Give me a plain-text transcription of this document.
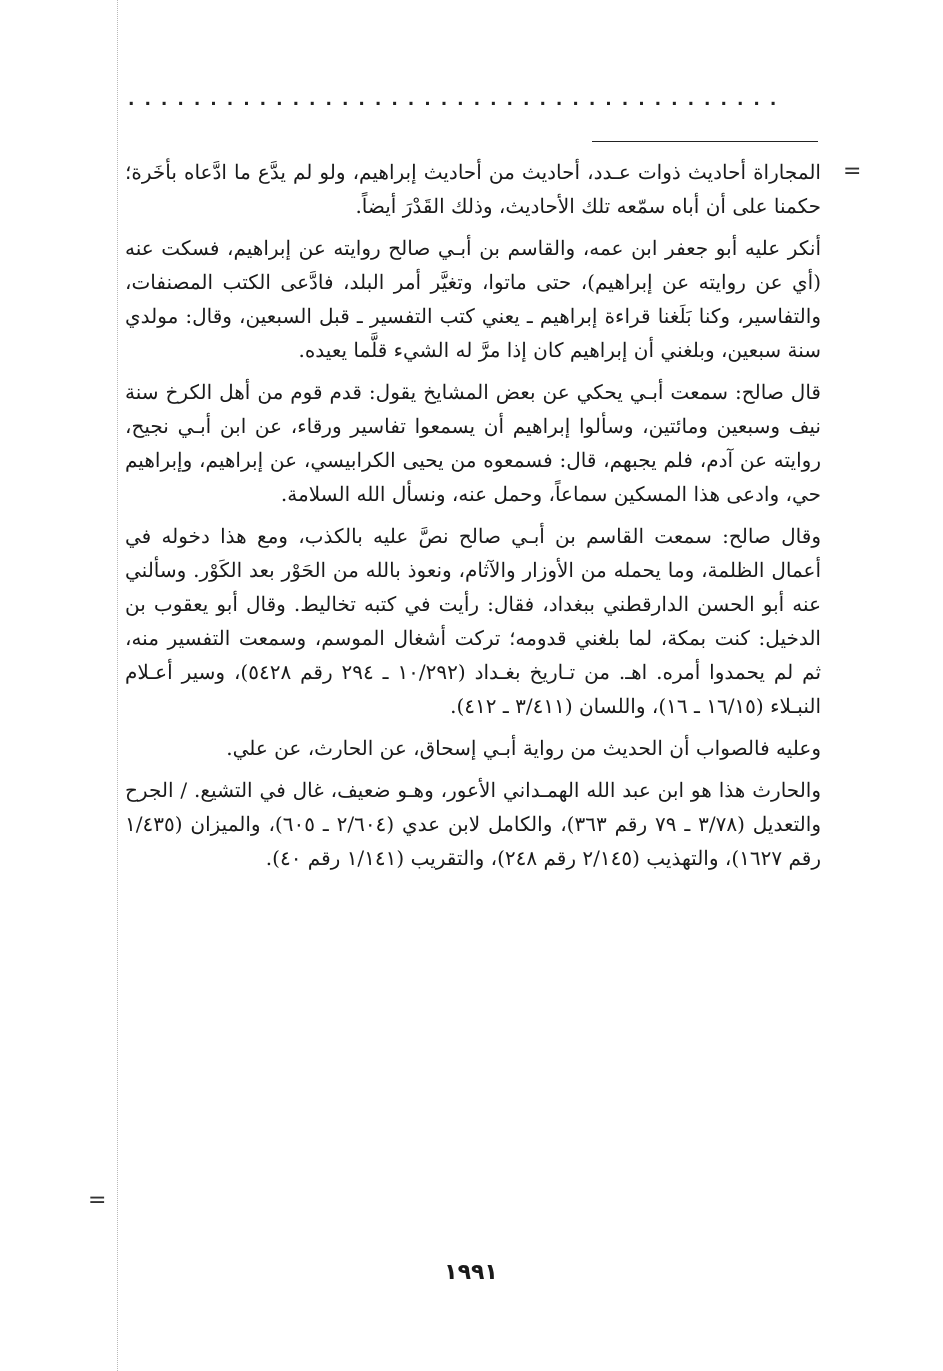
........................................
=

المجاراة أحاديث ذوات عـدد، أحاديث من أحاديث إبراهيم، ولو لم يدَّع ما ادَّعاه بأخَرة؛ حكمنا على أن أباه سمّعه تلك الأحاديث، وذلك القَدْرَ أيضاً.

أنكر عليه أبو جعفر ابن عمه، والقاسم بن أبـي صالح روايته عن إبراهيم، فسكت عنه (أي عن روايته عن إبراهيم)، حتى ماتوا، وتغيَّر أمر البلد، فادَّعى الكتب المصنفات، والتفاسير، وكنا بَلَغنا قراءة إبراهيم ـ يعني كتب التفسير ـ قبل السبعين، وقال: مولدي سنة سبعين، وبلغني أن إبراهيم كان إذا مرَّ له الشيء قلَّما يعيده.

قال صالح: سمعت أبـي يحكي عن بعض المشايخ يقول: قدم قوم من أهل الكرخ سنة نيف وسبعين ومائتين، وسألوا إبراهيم أن يسمعوا تفاسير ورقاء، عن ابن أبـي نجيح، روايته عن آدم، فلم يجبهم، قال: فسمعوه من يحيى الكرابيسي، عن إبراهيم، وإبراهيم حي، وادعى هذا المسكين سماعاً، وحمل عنه، ونسأل الله السلامة.

وقال صالح: سمعت القاسم بن أبـي صالح نصَّ عليه بالكذب، ومع هذا دخوله في أعمال الظلمة، وما يحمله من الأوزار والآثام، ونعوذ بالله من الحَوْر بعد الكَوْر. وسألني عنه أبو الحسن الدارقطني ببغداد، فقال: رأيت في كتبه تخاليط. وقال أبو يعقوب بن الدخيل: كنت بمكة، لما بلغني قدومه؛ تركت أشغال الموسم، وسمعت التفسير منه، ثم لم يحمدوا أمره. اهـ. من تـاريخ بغـداد (١٠/٢٩٢ ـ ٢٩٤ رقم ٥٤٢٨)، وسير أعـلام النبـلاء (١٦/١٥ ـ ١٦)، واللسان (٣/٤١١ ـ ٤١٢).

وعليه فالصواب أن الحديث من رواية أبـي إسحاق، عن الحارث، عن علي.

والحارث هذا هو ابن عبد الله الهمـداني الأعور، وهـو ضعيف، غال في التشيع. / الجرح والتعديل (٣/٧٨ ـ ٧٩ رقم ٣٦٣)، والكامل لابن عدي (٢/٦٠٤ ـ ٦٠٥)، والميزان (١/٤٣٥ رقم ١٦٢٧)، والتهذيب (٢/١٤٥ رقم ٢٤٨)، والتقريب (١/١٤١ رقم ٤٠).

=
١٩٩١
